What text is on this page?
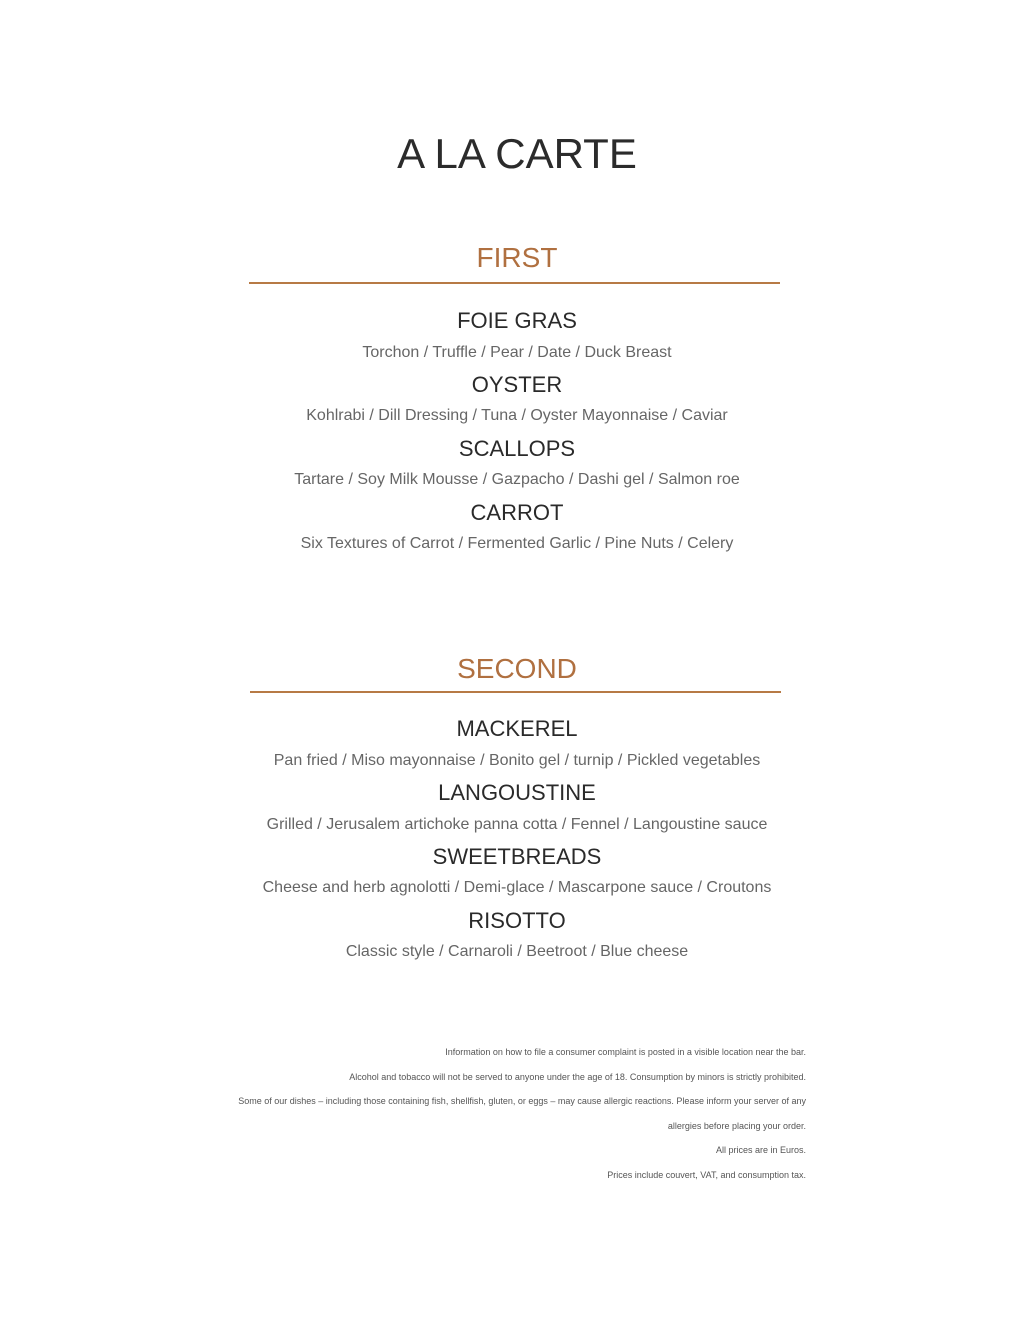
A LA CARTE
FIRST
FOIE GRAS
Torchon / Truffle / Pear / Date / Duck Breast
OYSTER
Kohlrabi / Dill Dressing / Tuna / Oyster Mayonnaise / Caviar
SCALLOPS
Tartare / Soy Milk Mousse / Gazpacho / Dashi gel / Salmon roe
CARROT
Six Textures of Carrot / Fermented Garlic / Pine Nuts / Celery
SECOND
MACKEREL
Pan fried / Miso mayonnaise / Bonito gel / turnip / Pickled vegetables
LANGOUSTINE
Grilled / Jerusalem artichoke panna cotta / Fennel / Langoustine sauce
SWEETBREADS
Cheese and herb agnolotti / Demi-glace / Mascarpone sauce / Croutons
RISOTTO
Classic style / Carnaroli / Beetroot / Blue cheese
Information on how to file a consumer complaint is posted in a visible location near the bar.
Alcohol and tobacco will not be served to anyone under the age of 18. Consumption by minors is strictly prohibited.
Some of our dishes – including those containing fish, shellfish, gluten, or eggs – may cause allergic reactions. Please inform your server of any
allergies before placing your order.
All prices are in Euros.
Prices include couvert, VAT, and consumption tax.
